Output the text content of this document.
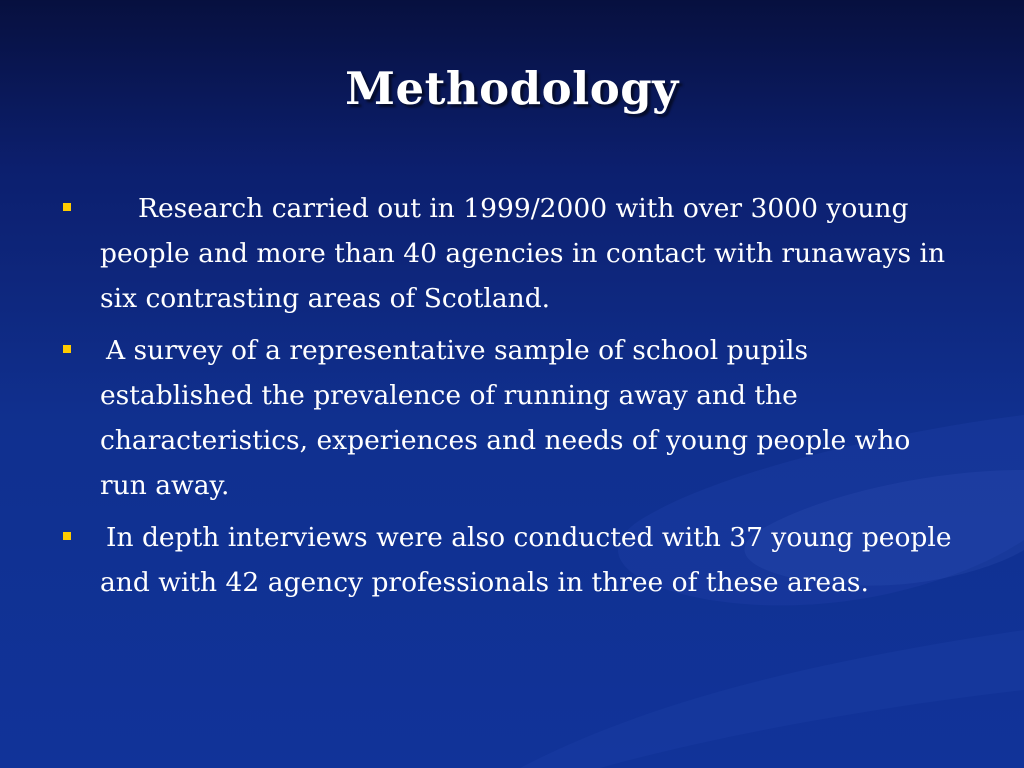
Methodology
Research carried out in 1999/2000 with over 3000 young people and more than 40 agencies in contact with runaways in six contrasting areas of Scotland.
A survey of a representative sample of school pupils established the prevalence of running away and the characteristics, experiences and needs of young people who run away.
In depth interviews were also conducted with 37 young people and with 42 agency professionals in three of these areas.
